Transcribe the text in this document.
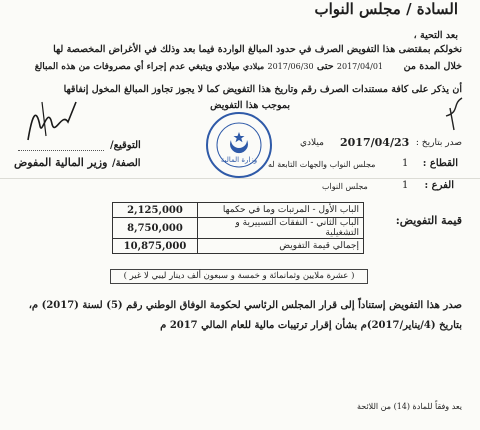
السادة / مجلس النواب
بعد التحية ،
نخولكم بمقتضى هذا التفويض الصرف في حدود المبالغ الواردة فيما بعد وذلك في الأغراض المخصصة لها
خلال المدة من  2017/04/01 حتى 2017/06/30 ميلادي ميلادي ويتبغي عدم إجراء أي مصروفات من هذه المبالغ
أن يذكر على كافة مستندات الصرف رقم وتاريخ هذا التفويض كما لا يجوز تجاوز المبالغ المخول إنفاقها
بموجب هذا التفويض
التوقيع/
الصفة/
وزير المالية المفوض	وزارة المالية
صدر بتاريخ :
2017/04/23
ميلادي
القطاع :
1
مجلس النواب والجهات التابعة له
الفرع :
1
مجلس النواب
قيمة التفويض:
2,125,000	الباب الأول - المرتبات وما في حكمها
8,750,000	الباب الثاني - النفقات التسييرية و التشغيلية
10,875,000	إجمالي قيمة التفويض
( عشرة ملايين وثمانمائة و خمسة و سبعون ألف دينار ليبي لا غير )
صدر هذا التفويض إستناداً إلى قرار المجلس الرئاسي لحكومة الوفاق الوطني رقم (5) لسنة (2017) م،
بتاريخ (4/يناير/2017)م بشأن إقرار ترتيبات مالية للعام المالي 2017 م
يعد وفقاً للمادة (14) من اللائحة
